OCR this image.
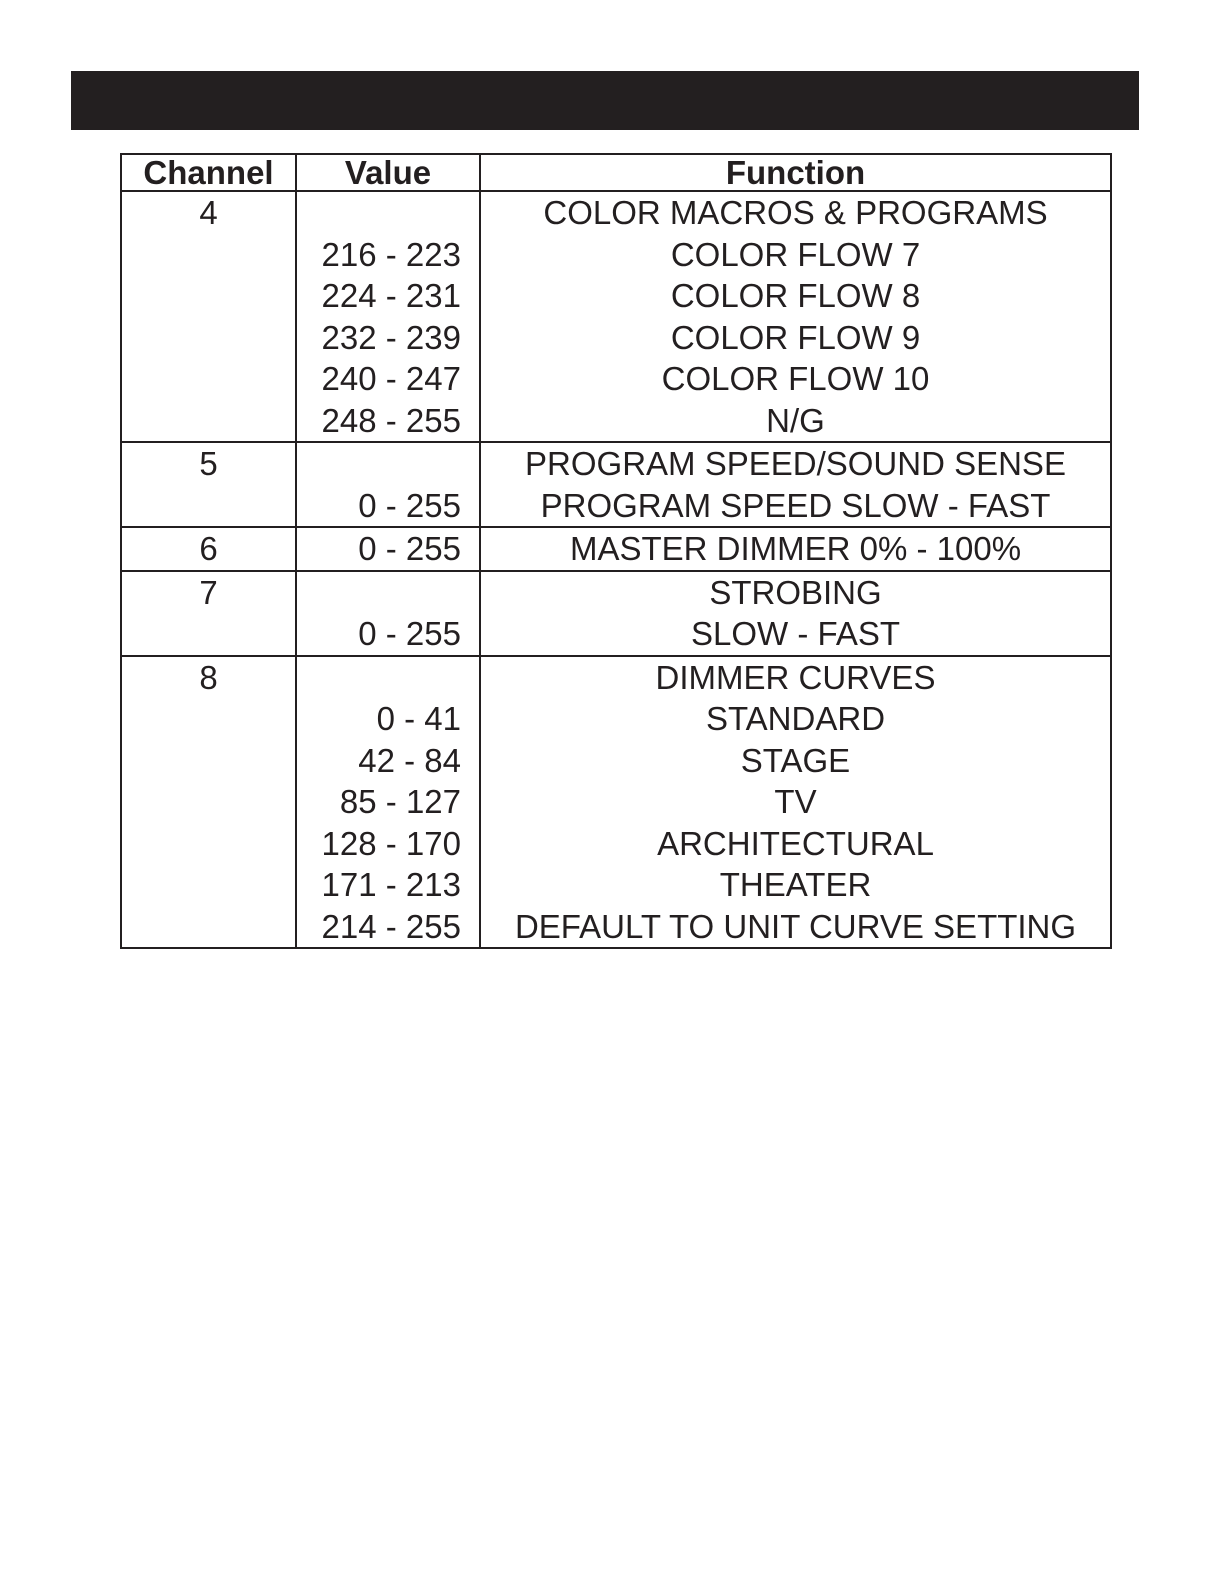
Channel	Value	Function
4		COLOR MACROS & PROGRAMS
	216 - 223	COLOR FLOW 7
	224 - 231	COLOR FLOW 8
	232 - 239	COLOR FLOW 9
	240 - 247	COLOR FLOW 10
	248 - 255	N/G
5		PROGRAM SPEED/SOUND SENSE
	0 - 255	PROGRAM SPEED SLOW - FAST
6	0 - 255	MASTER DIMMER 0% - 100%
7		STROBING
	0 - 255	SLOW - FAST
8		DIMMER CURVES
	0 - 41	STANDARD
	42 - 84	STAGE
	85 - 127	TV
	128 - 170	ARCHITECTURAL
	171 - 213	THEATER
	214 - 255	DEFAULT TO UNIT CURVE SETTING
